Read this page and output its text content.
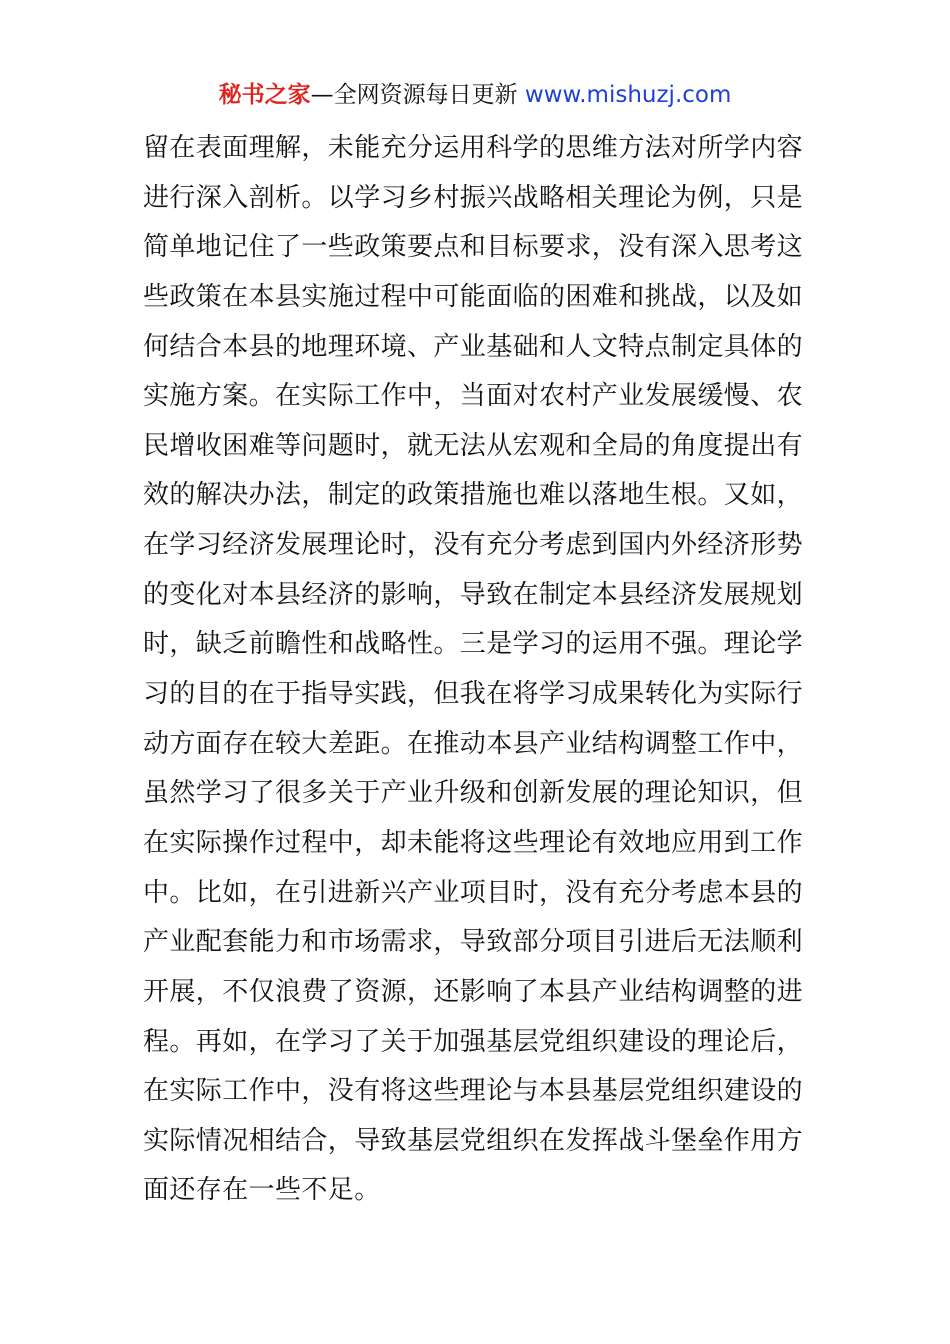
秘书之家—全网资源每日更新 www.mishuzj.com
留在表面理解，未能充分运用科学的思维方法对所学内容
进行深入剖析。以学习乡村振兴战略相关理论为例，只是
简单地记住了一些政策要点和目标要求，没有深入思考这
些政策在本县实施过程中可能面临的困难和挑战，以及如
何结合本县的地理环境、产业基础和人文特点制定具体的
实施方案。在实际工作中，当面对农村产业发展缓慢、农
民增收困难等问题时，就无法从宏观和全局的角度提出有
效的解决办法，制定的政策措施也难以落地生根。又如，
在学习经济发展理论时，没有充分考虑到国内外经济形势
的变化对本县经济的影响，导致在制定本县经济发展规划
时，缺乏前瞻性和战略性。三是学习的运用不强。理论学
习的目的在于指导实践，但我在将学习成果转化为实际行
动方面存在较大差距。在推动本县产业结构调整工作中，
虽然学习了很多关于产业升级和创新发展的理论知识，但
在实际操作过程中，却未能将这些理论有效地应用到工作
中。比如，在引进新兴产业项目时，没有充分考虑本县的
产业配套能力和市场需求，导致部分项目引进后无法顺利
开展，不仅浪费了资源，还影响了本县产业结构调整的进
程。再如，在学习了关于加强基层党组织建设的理论后，
在实际工作中，没有将这些理论与本县基层党组织建设的
实际情况相结合，导致基层党组织在发挥战斗堡垒作用方
面还存在一些不足。
